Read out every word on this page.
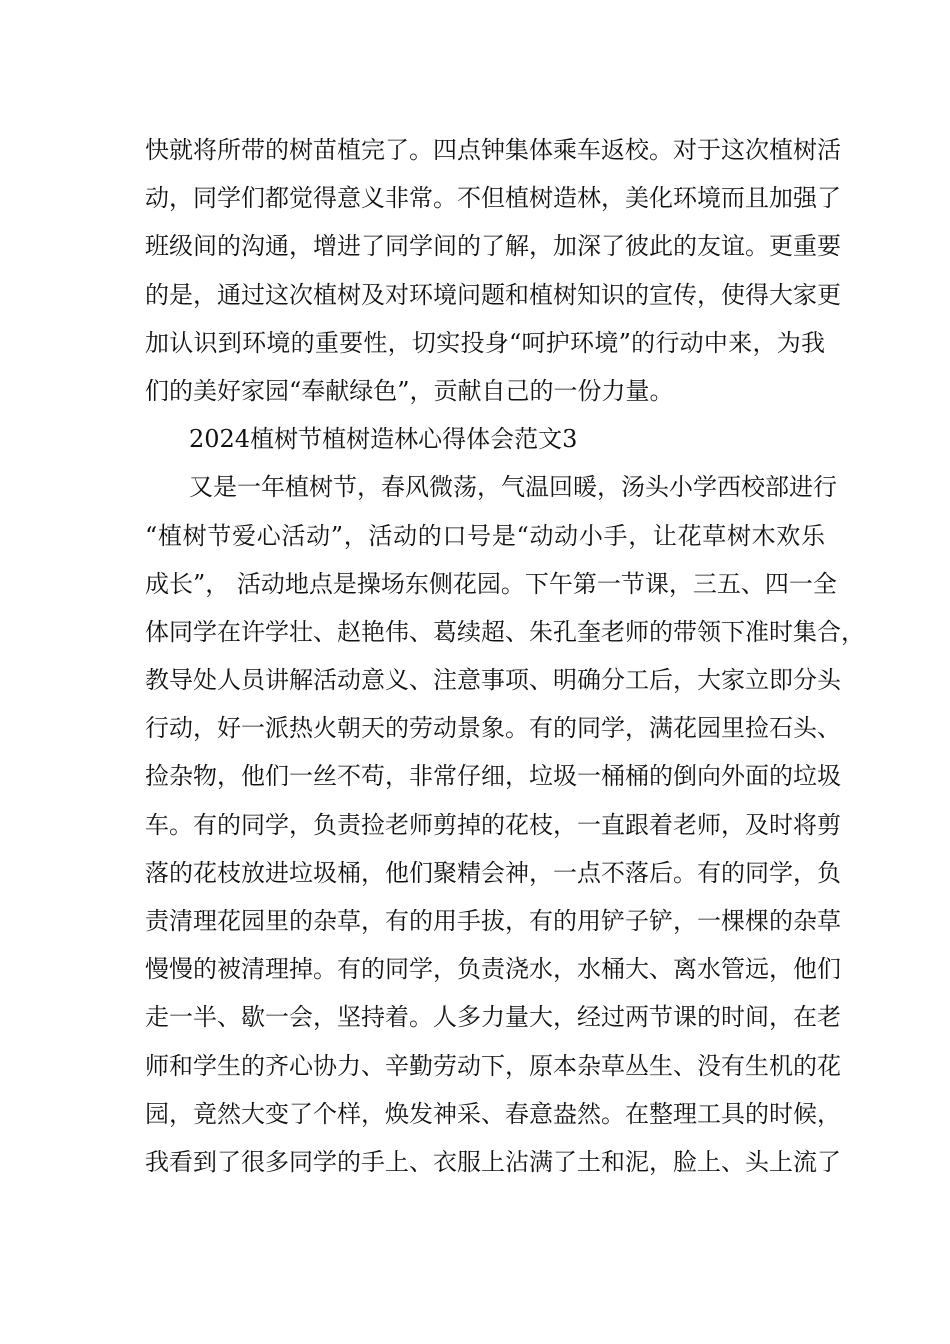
快就将所带的树苗植完了。四点钟集体乘车返校。对于这次植树活
动，同学们都觉得意义非常。不但植树造林，美化环境而且加强了
班级间的沟通，增进了同学间的了解，加深了彼此的友谊。更重要
的是，通过这次植树及对环境问题和植树知识的宣传，使得大家更
加认识到环境的重要性，切实投身“呵护环境”的行动中来，为我
们的美好家园“奉献绿色”，贡献自己的一份力量。
2024植树节植树造林心得体会范文3
又是一年植树节，春风微荡，气温回暖，汤头小学西校部进行
“植树节爱心活动”，活动的口号是“动动小手，让花草树木欢乐
成长”， 活动地点是操场东侧花园。下午第一节课，三五、四一全
体同学在许学壮、赵艳伟、葛续超、朱孔奎老师的带领下准时集合，
教导处人员讲解活动意义、注意事项、明确分工后，大家立即分头
行动，好一派热火朝天的劳动景象。有的同学，满花园里捡石头、
捡杂物，他们一丝不苟，非常仔细，垃圾一桶桶的倒向外面的垃圾
车。有的同学，负责捡老师剪掉的花枝，一直跟着老师，及时将剪
落的花枝放进垃圾桶，他们聚精会神，一点不落后。有的同学，负
责清理花园里的杂草，有的用手拔，有的用铲子铲，一棵棵的杂草
慢慢的被清理掉。有的同学，负责浇水，水桶大、离水管远，他们
走一半、歇一会，坚持着。人多力量大，经过两节课的时间，在老
师和学生的齐心协力、辛勤劳动下，原本杂草丛生、没有生机的花
园，竟然大变了个样，焕发神采、春意盎然。在整理工具的时候，
我看到了很多同学的手上、衣服上沾满了土和泥，脸上、头上流了
